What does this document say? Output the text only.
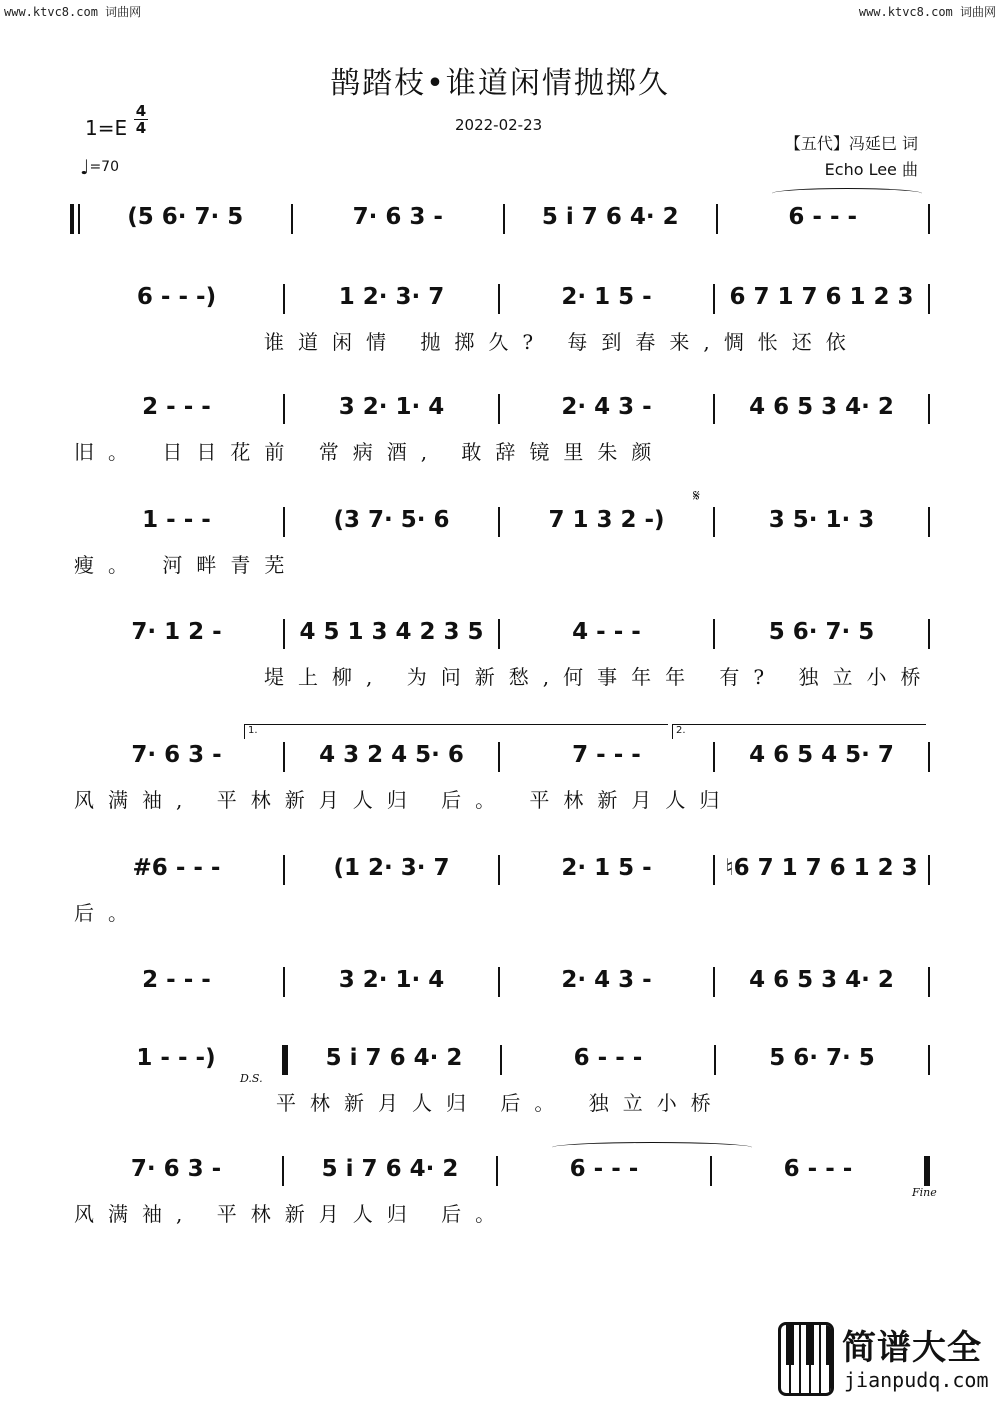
www.ktvc8.com 词曲网	www.ktvc8.com 词曲网
鹊踏枝•谁道闲情抛掷久
1=E
4
4
♩=70
2022-02-23
【五代】冯延巳 词
Echo Lee 曲
𝄋
1.	2.
D.S.
Fine
(5 6· 7· 5	7· 6 3 -	5 i 7 6 4· 2	6 - - -
6 - - -)	1 2· 3· 7	2· 1 5 -	6 7 1 7 6 1 2 3
谁道闲情 抛掷久? 每到春来,惆怅还依
2 - - -	3 2· 1· 4	2· 4 3 -	4 6 5 3 4· 2
旧。 日日花前 常病酒, 敢辞镜里朱颜
1 - - -	(3 7· 5· 6	7 1 3 2 -)	3 5· 1· 3
瘦。 河畔青芜
7· 1 2 -	4 5 1 3 4 2 3 5	4 - - -	5 6· 7· 5
堤上柳, 为问新愁,何事年年 有? 独立小桥
7· 6 3 -	4 3 2 4 5· 6	7 - - -	4 6 5 4 5· 7
风满袖, 平林新月人归 后。 平林新月人归
#6 - - -	(1 2· 3· 7	2· 1 5 -	♮6 7 1 7 6 1 2 3
后。
2 - - -	3 2· 1· 4	2· 4 3 -	4 6 5 3 4· 2
1 - - -)	5 i 7 6 4· 2	6 - - -	5 6· 7· 5
平林新月人归 后。 独立小桥
7· 6 3 -	5 i 7 6 4· 2	6 - - -	6 - - -
风满袖, 平林新月人归 后。
简谱大全
jianpudq.com
